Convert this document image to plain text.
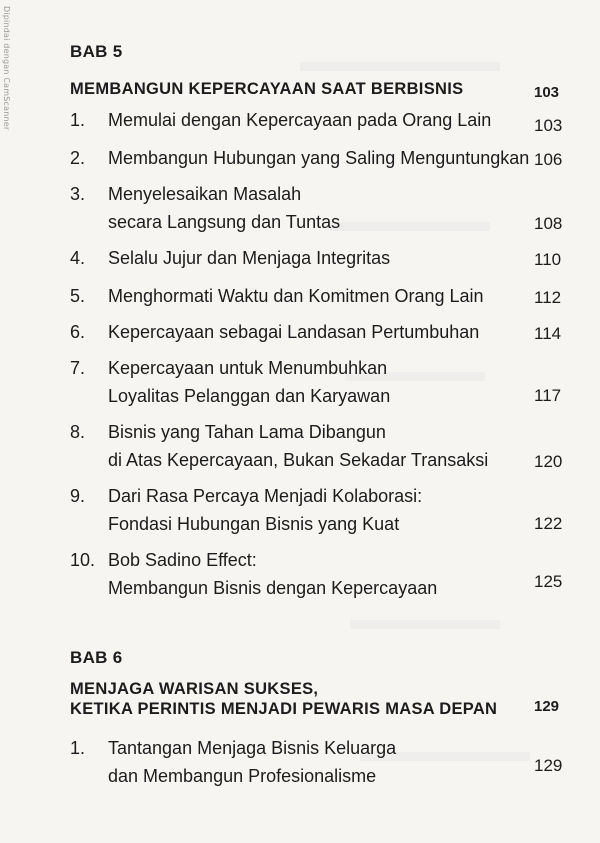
Dipindai dengan CamScanner	BAB 5
MEMBANGUN KEPERCAYAAN SAAT BERBISNIS	103
1.	Memulai dengan Kepercayaan pada Orang Lain	103
2.	Membangun Hubungan yang Saling Menguntungkan 106
3.	Menyelesaikan Masalah
secara Langsung dan Tuntas	108
4.	Selalu Jujur dan Menjaga Integritas	110
5.	Menghormati Waktu dan Komitmen Orang Lain	112
6.	Kepercayaan sebagai Landasan Pertumbuhan	114
7.	Kepercayaan untuk Menumbuhkan
Loyalitas Pelanggan dan Karyawan	117
8.	Bisnis yang Tahan Lama Dibangun
di Atas Kepercayaan, Bukan Sekadar Transaksi	120
9.	Dari Rasa Percaya Menjadi Kolaborasi:
Fondasi Hubungan Bisnis yang Kuat	122
10. Bob Sadino Effect:
Membangun Bisnis dengan Kepercayaan	125
BAB 6
MENJAGA WARISAN SUKSES,
KETIKA PERINTIS MENJADI PEWARIS MASA DEPAN 129
1.	Tantangan Menjaga Bisnis Keluarga
dan Membangun Profesionalisme
129
